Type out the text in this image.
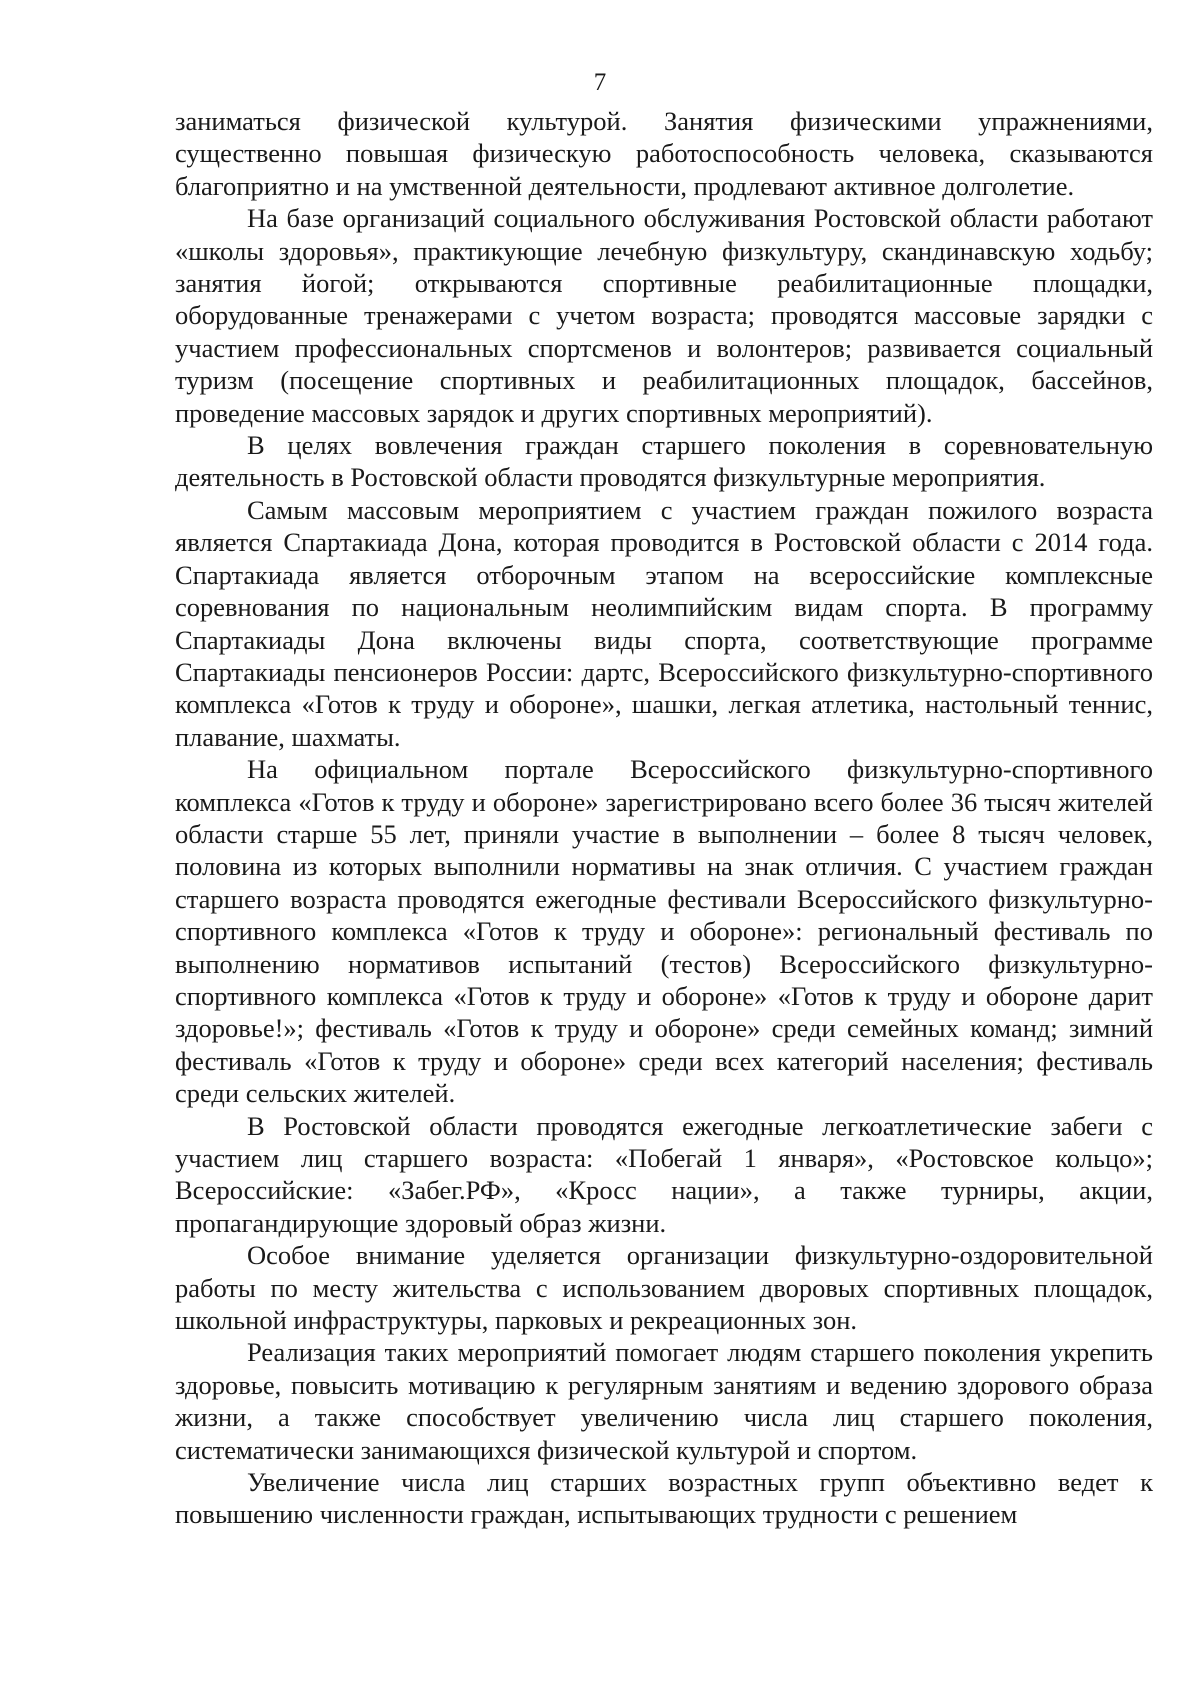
7

заниматься физической культурой. Занятия физическими упражнениями, существенно повышая физическую работоспособность человека, сказываются благоприятно и на умственной деятельности, продлевают активное долголетие.

На базе организаций социального обслуживания Ростовской области работают «школы здоровья», практикующие лечебную физкультуру, скандинавскую ходьбу; занятия йогой; открываются спортивные реабилитационные площадки, оборудованные тренажерами с учетом возраста; проводятся массовые зарядки с участием профессиональных спортсменов и волонтеров; развивается социальный туризм (посещение спортивных и реабилитационных площадок, бассейнов, проведение массовых зарядок и других спортивных мероприятий).

В целях вовлечения граждан старшего поколения в соревновательную деятельность в Ростовской области проводятся физкультурные мероприятия.

Самым массовым мероприятием с участием граждан пожилого возраста является Спартакиада Дона, которая проводится в Ростовской области с 2014 года. Спартакиада является отборочным этапом на всероссийские комплексные соревнования по национальным неолимпийским видам спорта. В программу Спартакиады Дона включены виды спорта, соответствующие программе Спартакиады пенсионеров России: дартс, Всероссийского физкультурно-спортивного комплекса «Готов к труду и обороне», шашки, легкая атлетика, настольный теннис, плавание, шахматы.

На официальном портале Всероссийского физкультурно-спортивного комплекса «Готов к труду и обороне» зарегистрировано всего более 36 тысяч жителей области старше 55 лет, приняли участие в выполнении – более 8 тысяч человек, половина из которых выполнили нормативы на знак отличия. С участием граждан старшего возраста проводятся ежегодные фестивали Всероссийского физкультурно-спортивного комплекса «Готов к труду и обороне»: региональный фестиваль по выполнению нормативов испытаний (тестов) Всероссийского физкультурно-спортивного комплекса «Готов к труду и обороне» «Готов к труду и обороне дарит здоровье!»; фестиваль «Готов к труду и обороне» среди семейных команд; зимний фестиваль «Готов к труду и обороне» среди всех категорий населения; фестиваль среди сельских жителей.

В Ростовской области проводятся ежегодные легкоатлетические забеги с участием лиц старшего возраста: «Побегай 1 января», «Ростовское кольцо»; Всероссийские: «Забег.РФ», «Кросс нации», а также турниры, акции, пропагандирующие здоровый образ жизни.

Особое внимание уделяется организации физкультурно-оздоровительной работы по месту жительства с использованием дворовых спортивных площадок, школьной инфраструктуры, парковых и рекреационных зон.

Реализация таких мероприятий помогает людям старшего поколения укрепить здоровье, повысить мотивацию к регулярным занятиям и ведению здорового образа жизни, а также способствует увеличению числа лиц старшего поколения, систематически занимающихся физической культурой и спортом.

Увеличение числа лиц старших возрастных групп объективно ведет к повышению численности граждан, испытывающих трудности с решением
